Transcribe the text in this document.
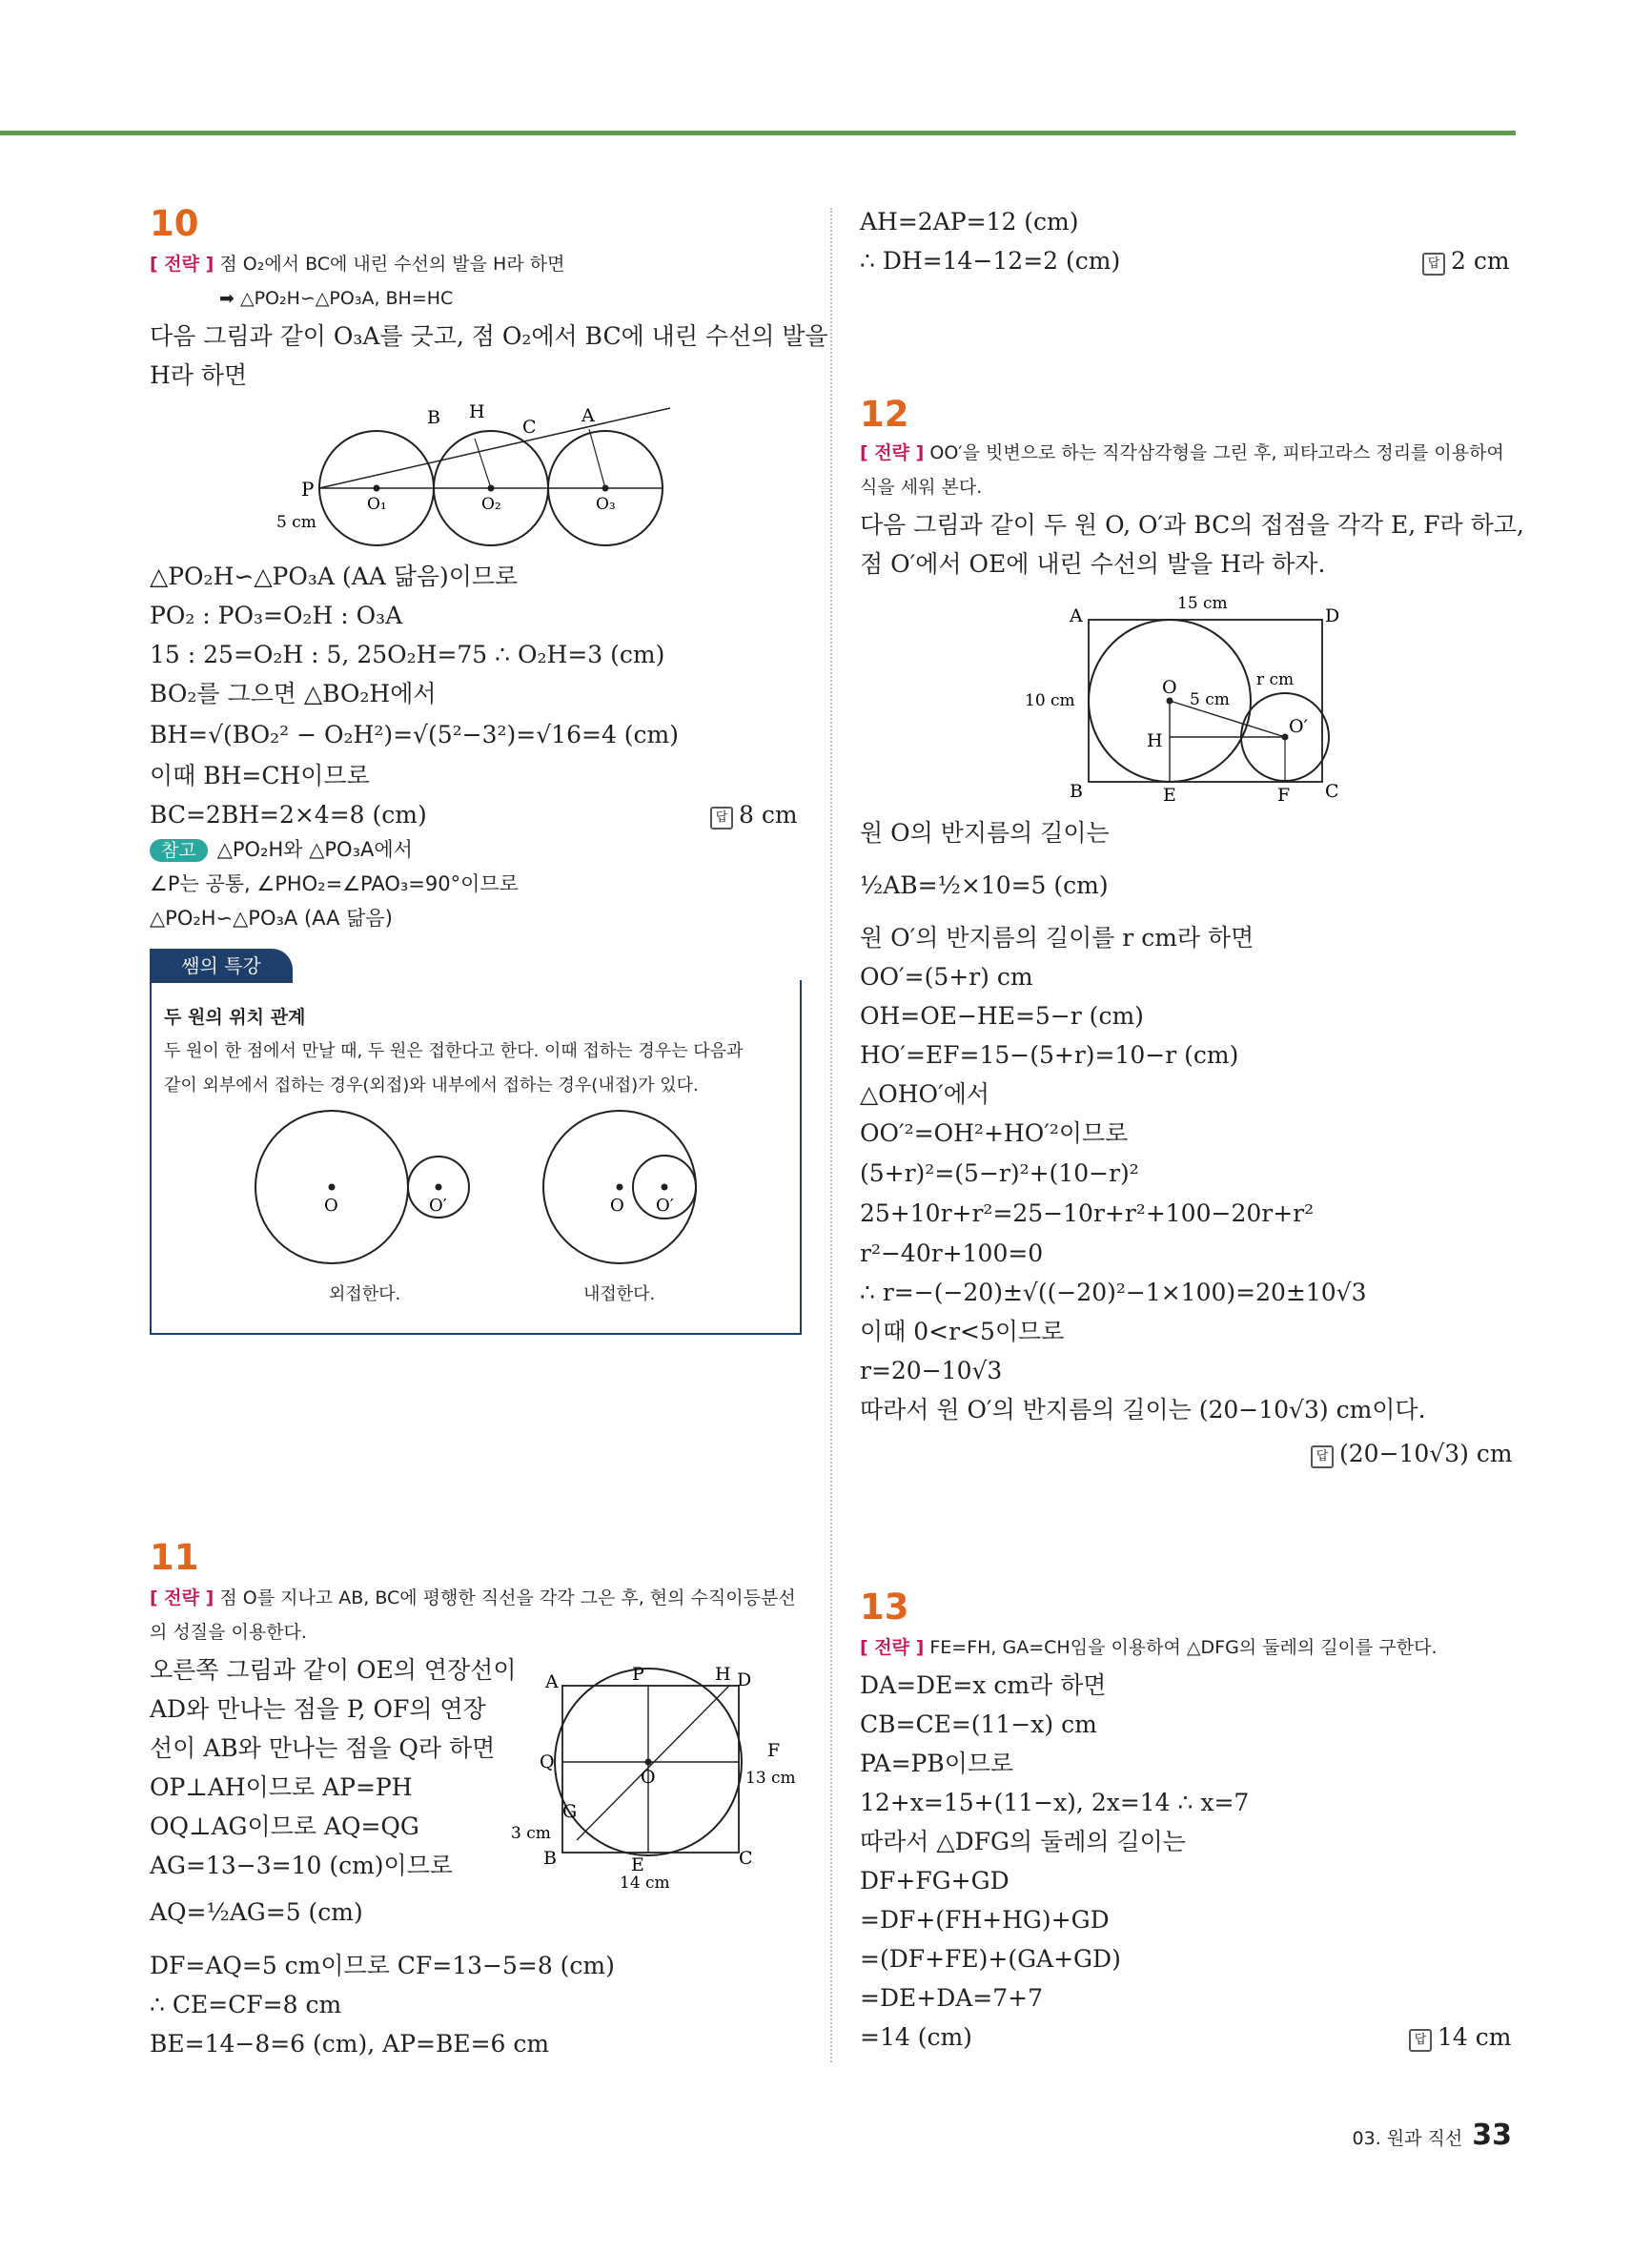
10
[ 전략 ] 점 O₂에서 BC에 내린 수선의 발을 H라 하면
➡ △PO₂H∽△PO₃A, BH=HC
다음 그림과 같이 O₃A를 긋고, 점 O₂에서 BC에 내린 수선의 발을
H라 하면
P
B H
C
A
O₁	O₂	O₃
5 cm
△PO₂H∽△PO₃A (AA 닮음)이므로
PO₂ : PO₃=O₂H : O₃A
15 : 25=O₂H : 5, 25O₂H=75 ∴ O₂H=3 (cm)
BO₂를 그으면 △BO₂H에서
BH=√(BO₂² − O₂H²)=√(5²−3²)=√16=4 (cm)
이때 BH=CH이므로
BC=2BH=2×4=8 (cm)	답 8 cm
참고 △PO₂H와 △PO₃A에서
∠P는 공통, ∠PHO₂=∠PAO₃=90°이므로
△PO₂H∽△PO₃A (AA 닮음)
쌤의 특강
두 원의 위치 관계
두 원이 한 점에서 만날 때, 두 원은 접한다고 한다. 이때 접하는 경우는 다음과
같이 외부에서 접하는 경우(외접)와 내부에서 접하는 경우(내접)가 있다.
O	O′	O O′
외접한다.	내접한다.
11
[ 전략 ] 점 O를 지나고 AB, BC에 평행한 직선을 각각 그은 후, 현의 수직이등분선
의 성질을 이용한다.
오른쪽 그림과 같이 OE의 연장선이
AD와 만나는 점을 P, OF의 연장
선이 AB와 만나는 점을 Q라 하면
OP⊥AH이므로 AP=PH
OQ⊥AG이므로 AQ=QG
AG=13−3=10 (cm)이므로
AQ=½AG=5 (cm)
DF=AQ=5 cm이므로 CF=13−5=8 (cm)
∴ CE=CF=8 cm
BE=14−8=6 (cm), AP=BE=6 cm
A	P	H D
Q
O
F
13 cm
G
3 cm
B	E	C
14 cm
AH=2AP=12 (cm)
∴ DH=14−12=2 (cm)	답 2 cm
12
[ 전략 ] OO′을 빗변으로 하는 직각삼각형을 그린 후, 피타고라스 정리를 이용하여
식을 세워 본다.
다음 그림과 같이 두 원 O, O′과 BC의 접점을 각각 E, F라 하고,
점 O′에서 OE에 내린 수선의 발을 H라 하자.
A	D
B	C
E	F
O
O′
H
15 cm
10 cm	5 cm
r cm
원 O의 반지름의 길이는
½AB=½×10=5 (cm)
원 O′의 반지름의 길이를 r cm라 하면
OO′=(5+r) cm
OH=OE−HE=5−r (cm)
HO′=EF=15−(5+r)=10−r (cm)
△OHO′에서
OO′²=OH²+HO′²이므로
(5+r)²=(5−r)²+(10−r)²
25+10r+r²=25−10r+r²+100−20r+r²
r²−40r+100=0
∴ r=−(−20)±√((−20)²−1×100)=20±10√3
이때 0<r<5이므로
r=20−10√3
따라서 원 O′의 반지름의 길이는 (20−10√3) cm이다.
답 (20−10√3) cm
13
[ 전략 ] FE=FH, GA=CH임을 이용하여 △DFG의 둘레의 길이를 구한다.
DA=DE=x cm라 하면
CB=CE=(11−x) cm
PA=PB이므로
12+x=15+(11−x), 2x=14 ∴ x=7
따라서 △DFG의 둘레의 길이는
DF+FG+GD
=DF+(FH+HG)+GD
=(DF+FE)+(GA+GD)
=DE+DA=7+7
=14 (cm)	답 14 cm
03. 원과 직선 33
